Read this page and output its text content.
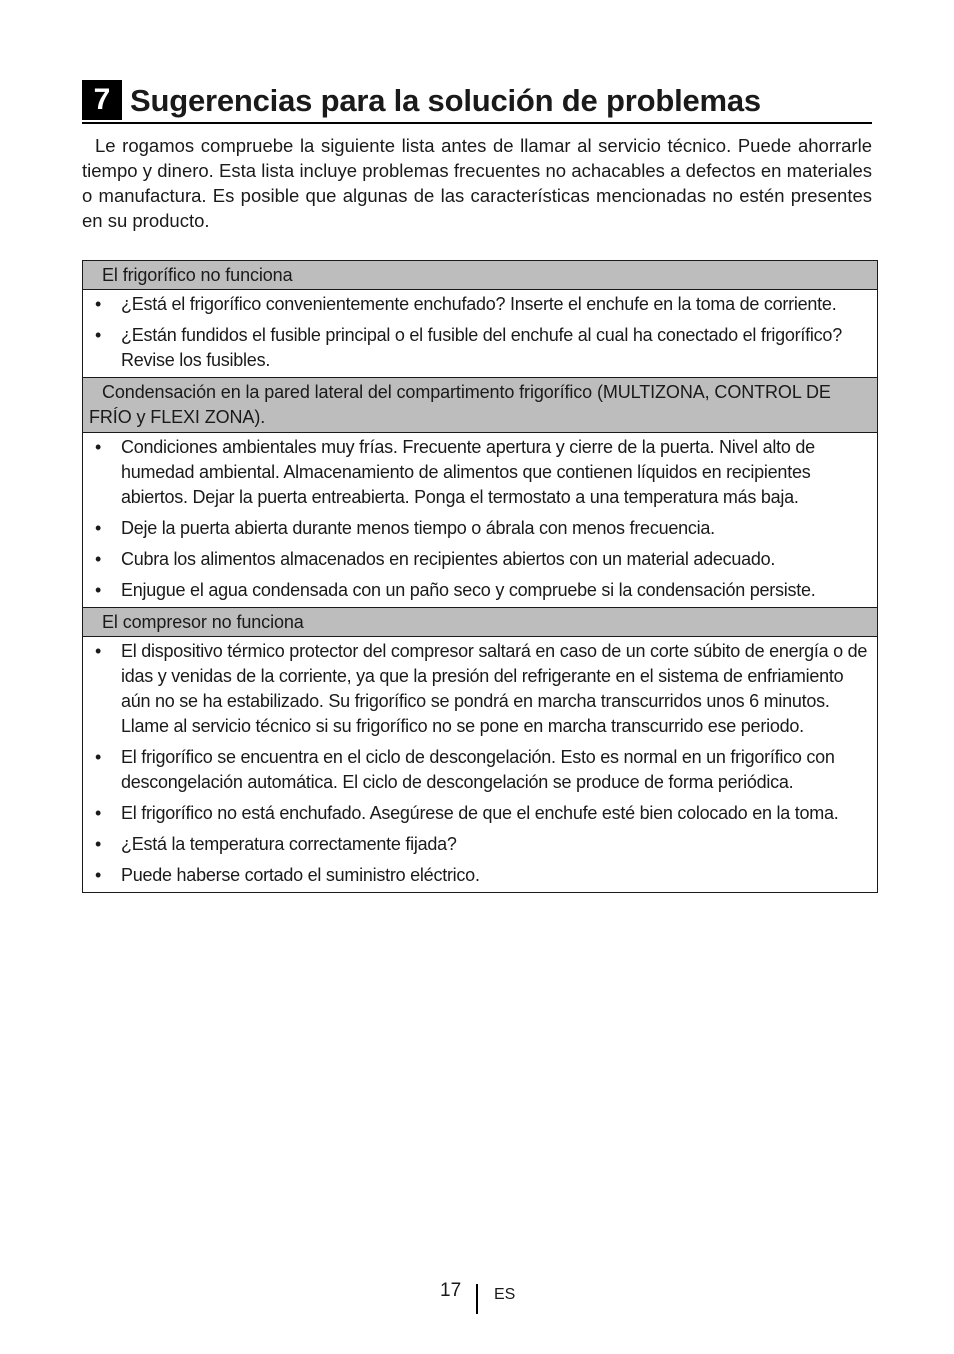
7 Sugerencias para la solución de problemas

Le rogamos compruebe la siguiente lista antes de llamar al servicio técnico. Puede ahorrarle tiempo y dinero. Esta lista incluye problemas frecuentes no achacables a defectos en materiales o manufactura. Es posible que algunas de las características mencionadas no estén presentes en su producto.

El frigorífico no funciona
• ¿Está el frigorífico convenientemente enchufado? Inserte el enchufe en la toma de corriente.
• ¿Están fundidos el fusible principal o el fusible del enchufe al cual ha conectado el frigorífico? Revise los fusibles.
Condensación en la pared lateral del compartimento frigorífico (MULTIZONA, CONTROL DE FRÍO y FLEXI ZONA).
• Condiciones ambientales muy frías. Frecuente apertura y cierre de la puerta. Nivel alto de humedad ambiental. Almacenamiento de alimentos que contienen líquidos en recipientes abiertos. Dejar la puerta entreabierta. Ponga el termostato a una temperatura más baja.
• Deje la puerta abierta durante menos tiempo o ábrala con menos frecuencia.
• Cubra los alimentos almacenados en recipientes abiertos con un material adecuado.
• Enjugue el agua condensada con un paño seco y compruebe si la condensación persiste.
El compresor no funciona
• El dispositivo térmico protector del compresor saltará en caso de un corte súbito de energía o de idas y venidas de la corriente, ya que la presión del refrigerante en el sistema de enfriamiento aún no se ha estabilizado. Su frigorífico se pondrá en marcha transcurridos unos 6 minutos. Llame al servicio técnico si su frigorífico no se pone en marcha transcurrido ese periodo.
• El frigorífico se encuentra en el ciclo de descongelación. Esto es normal en un frigorífico con descongelación automática. El ciclo de descongelación se produce de forma periódica.
• El frigorífico no está enchufado. Asegúrese de que el enchufe esté bien colocado en la toma.
• ¿Está la temperatura correctamente fijada?
• Puede haberse cortado el suministro eléctrico.
17 ES
